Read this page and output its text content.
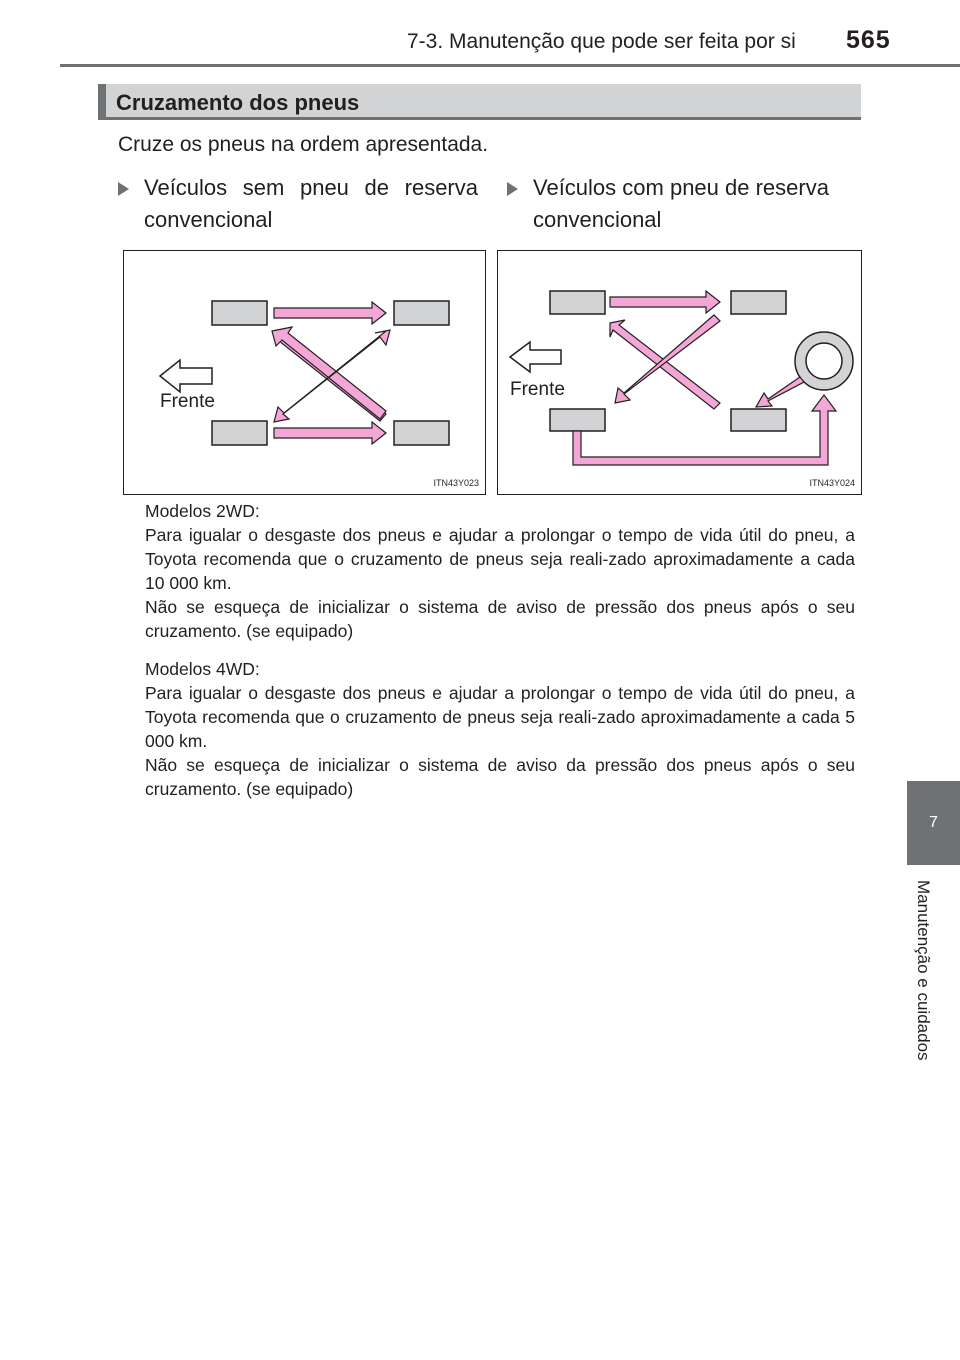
7-3. Manutenção que pode ser feita por si 565
7
Manutenção e cuidados
Cruzamento dos pneus
Cruze os pneus na ordem apresentada.
Veículos sem pneu de reserva convencional
Veículos com pneu de reserva convencional
Frente
ITN43Y023
Frente
ITN43Y024

Modelos 2WD:

Para igualar o desgaste dos pneus e ajudar a prolongar o tempo de vida útil do pneu, a Toyota recomenda que o cruzamento de pneus seja reali-zado aproximadamente a cada 10 000 km.

Não se esqueça de inicializar o sistema de aviso de pressão dos pneus após o seu cruzamento. (se equipado)

Modelos 4WD:

Para igualar o desgaste dos pneus e ajudar a prolongar o tempo de vida útil do pneu, a Toyota recomenda que o cruzamento de pneus seja reali-zado aproximadamente a cada 5 000 km.

Não se esqueça de inicializar o sistema de aviso da pressão dos pneus após o seu cruzamento. (se equipado)
